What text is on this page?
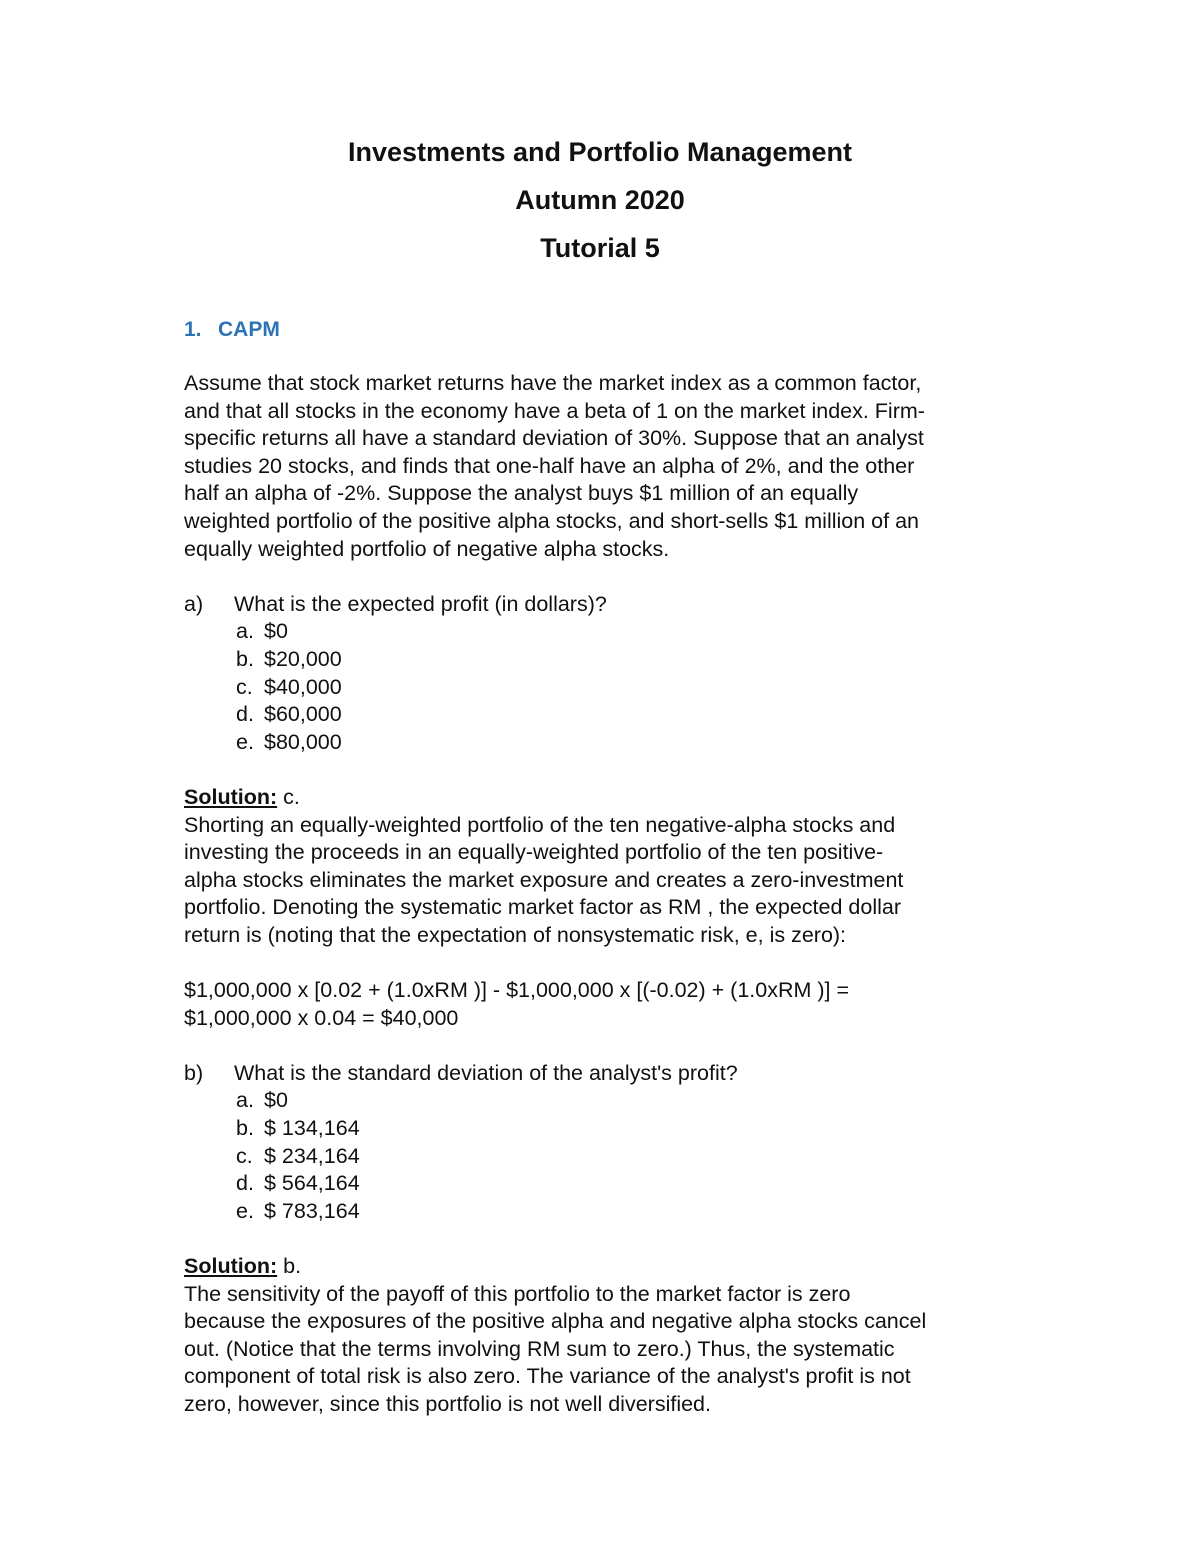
Investments and Portfolio Management
Autumn 2020
Tutorial 5
1. CAPM
Assume that stock market returns have the market index as a common factor,
and that all stocks in the economy have a beta of 1 on the market index. Firm-
specific returns all have a standard deviation of 30%. Suppose that an analyst
studies 20 stocks, and finds that one-half have an alpha of 2%, and the other
half an alpha of -2%. Suppose the analyst buys $1 million of an equally
weighted portfolio of the positive alpha stocks, and short-sells $1 million of an
equally weighted portfolio of negative alpha stocks.
a)	What is the expected profit (in dollars)?
a. $0
b. $20,000
c. $40,000
d. $60,000
e. $80,000
Solution: c.
Shorting an equally-weighted portfolio of the ten negative-alpha stocks and
investing the proceeds in an equally-weighted portfolio of the ten positive-
alpha stocks eliminates the market exposure and creates a zero-investment
portfolio. Denoting the systematic market factor as RM , the expected dollar
return is (noting that the expectation of nonsystematic risk, e, is zero):
$1,000,000 x [0.02 + (1.0xRM )] - $1,000,000 x [(-0.02) + (1.0xRM )] =
$1,000,000 x 0.04 = $40,000
b)	What is the standard deviation of the analyst's profit?
a. $0
b. $ 134,164
c. $ 234,164
d. $ 564,164
e. $ 783,164
Solution: b.
The sensitivity of the payoff of this portfolio to the market factor is zero
because the exposures of the positive alpha and negative alpha stocks cancel
out. (Notice that the terms involving RM sum to zero.) Thus, the systematic
component of total risk is also zero. The variance of the analyst's profit is not
zero, however, since this portfolio is not well diversified.
